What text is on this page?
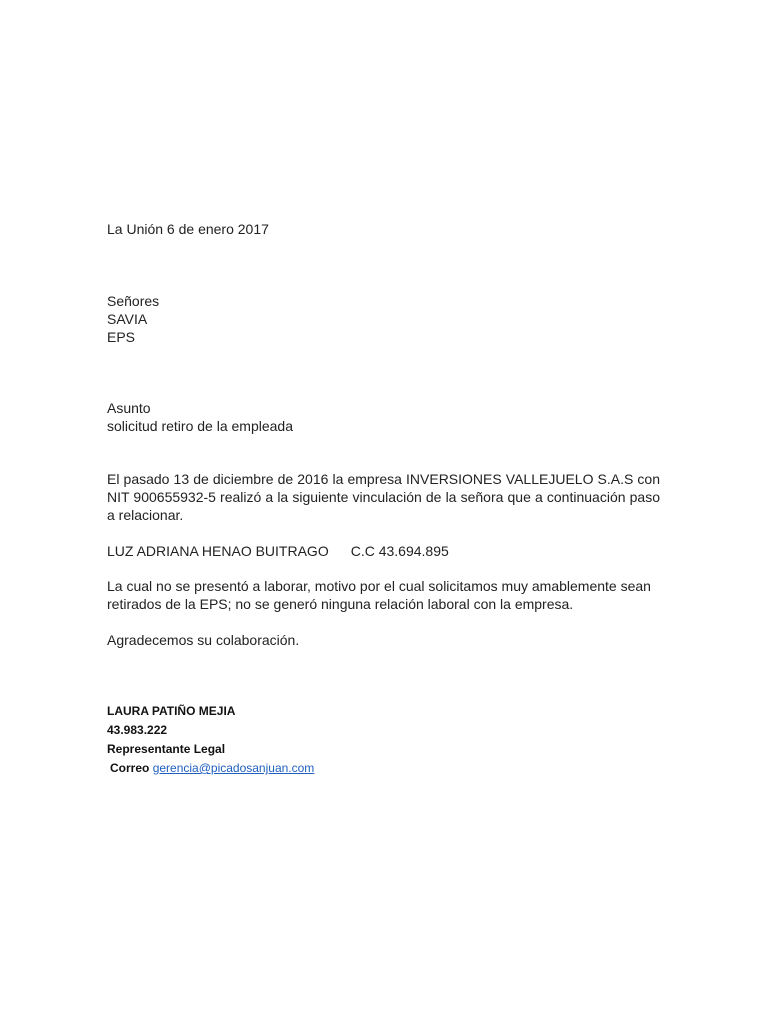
La Unión 6 de enero 2017
Señores
SAVIA
EPS
Asunto
solicitud retiro de la empleada
El pasado 13 de diciembre de 2016 la empresa INVERSIONES VALLEJUELO S.A.S con NIT 900655932-5 realizó a la siguiente vinculación de la señora que a continuación paso a relacionar.
LUZ ADRIANA HENAO BUITRAGO C.C 43.694.895
La cual no se presentó a laborar, motivo por el cual solicitamos muy amablemente sean retirados de la EPS; no se generó ninguna relación laboral con la empresa.
Agradecemos su colaboración.
LAURA PATIÑO MEJIA
43.983.222
Representante Legal
Correo gerencia@picadosanjuan.com
